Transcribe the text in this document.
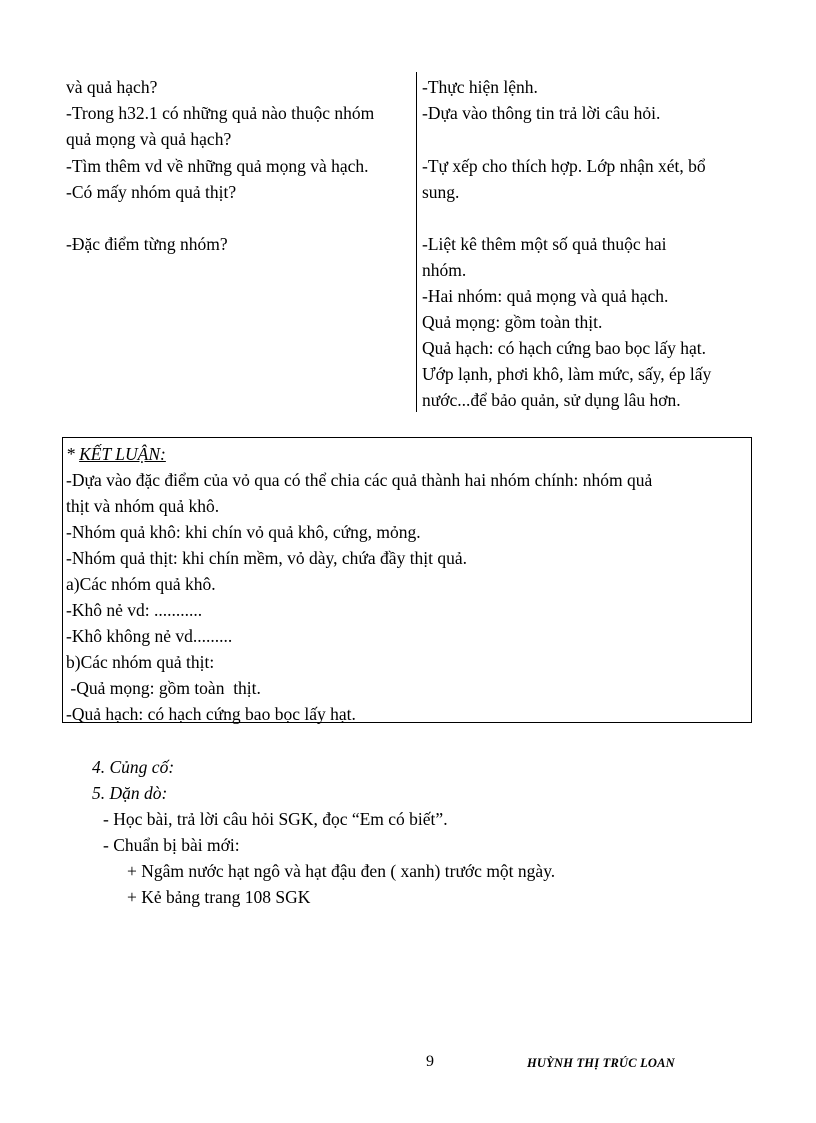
và quả hạch?
-Trong h32.1 có những quả nào thuộc nhóm
quả mọng và quả hạch?
-Tìm thêm vd về những quả mọng và hạch.
-Có mấy nhóm quả thịt?
-Đặc điểm từng nhóm?
-Thực hiện lệnh.
-Dựa vào thông tin trả lời câu hỏi.
-Tự xếp cho thích hợp. Lớp nhận xét, bổ
sung.
-Liệt kê thêm một số quả thuộc hai
nhóm.
-Hai nhóm: quả mọng và quả hạch.
Quả mọng: gồm toàn thịt.
Quả hạch: có hạch cứng bao bọc lấy hạt.
Ướp lạnh, phơi khô, làm mức, sấy, ép lấy
nước...để bảo quản, sử dụng lâu hơn.
* KẾT LUẬN:
-Dựa vào đặc điểm của vỏ qua có thể chia các quả thành hai nhóm chính: nhóm quả
thịt và nhóm quả khô.
-Nhóm quả khô: khi chín vỏ quả khô, cứng, mỏng.
-Nhóm quả thịt: khi chín mềm, vỏ dày, chứa đầy thịt quả.
a)Các nhóm quả khô.
-Khô nẻ vd: ...........
-Khô không nẻ vd.........
b)Các nhóm quả thịt:
-Quả mọng: gồm toàn  thịt.
-Quả hạch: có hạch cứng bao bọc lấy hạt.
4. Củng cố:
5. Dặn dò:
- Học bài, trả lời câu hỏi SGK, đọc “Em có biết”.
- Chuẩn bị bài mới:
+ Ngâm nước hạt ngô và hạt đậu đen ( xanh) trước một ngày.
+ Kẻ bảng trang 108 SGK
9	HUỲNH THỊ TRÚC LOAN
